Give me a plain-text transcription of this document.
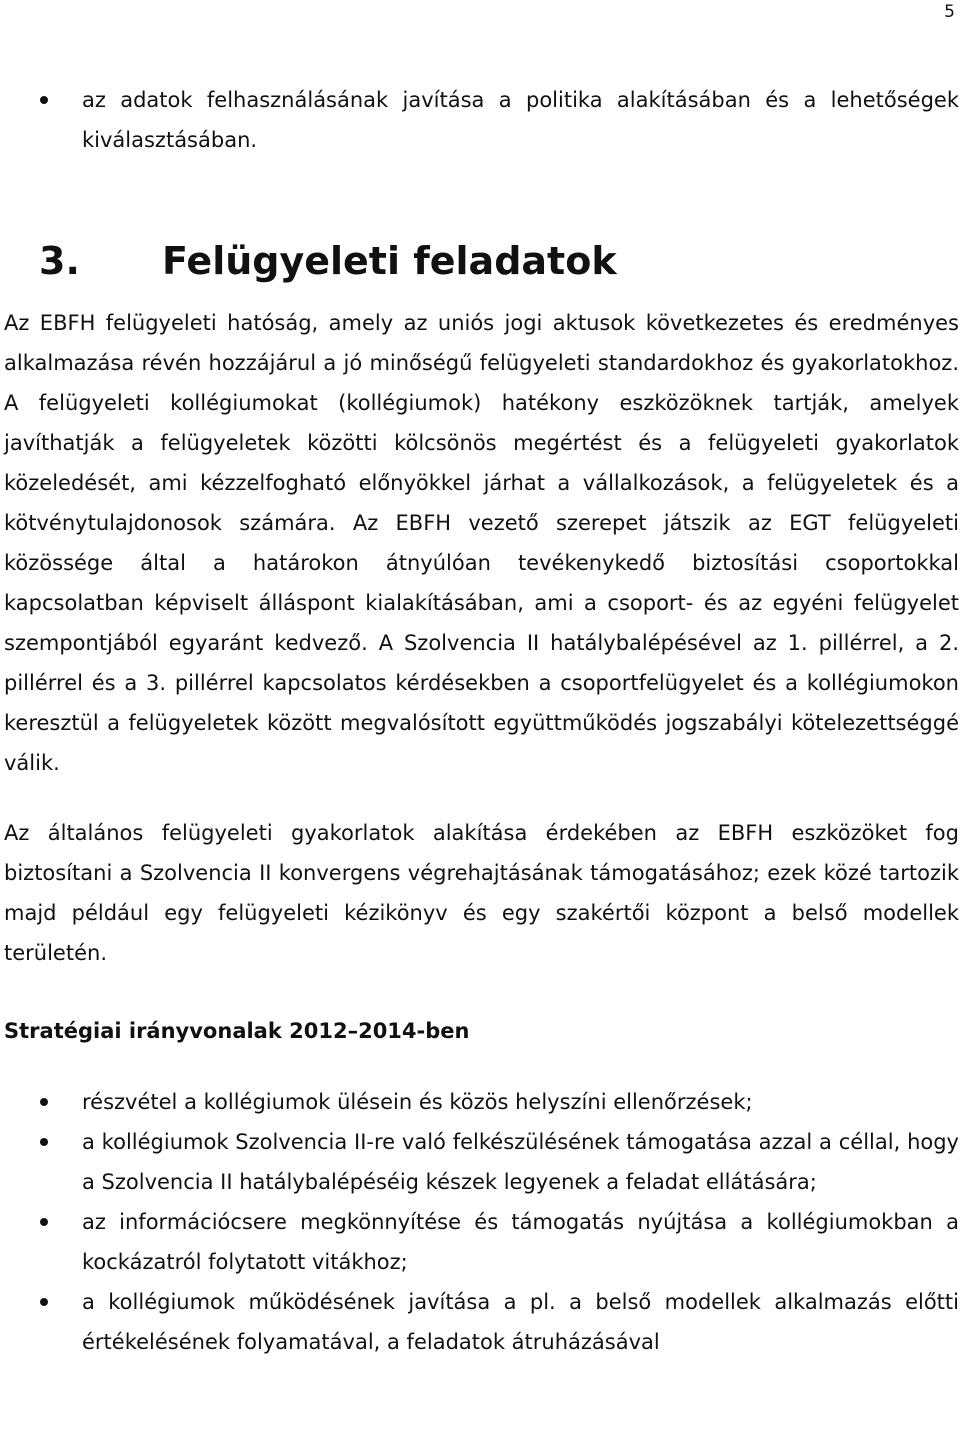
5
az adatok felhasználásának javítása a politika alakításában és a lehetőségek kiválasztásában.
3. Felügyeleti feladatok

Az EBFH felügyeleti hatóság, amely az uniós jogi aktusok következetes és eredményes alkalmazása révén hozzájárul a jó minőségű felügyeleti standardokhoz és gyakorlatokhoz. A felügyeleti kollégiumokat (kollégiumok) hatékony eszközöknek tartják, amelyek javíthatják a felügyeletek közötti kölcsönös megértést és a felügyeleti gyakorlatok közeledését, ami kézzelfogható előnyökkel járhat a vállalkozások, a felügyeletek és a kötvénytulajdonosok számára. Az EBFH vezető szerepet játszik az EGT felügyeleti közössége által a határokon átnyúlóan tevékenykedő biztosítási csoportokkal kapcsolatban képviselt álláspont kialakításában, ami a csoport- és az egyéni felügyelet szempontjából egyaránt kedvező. A Szolvencia II hatálybalépésével az 1. pillérrel, a 2. pillérrel és a 3. pillérrel kapcsolatos kérdésekben a csoportfelügyelet és a kollégiumokon keresztül a felügyeletek között megvalósított együttműködés jogszabályi kötelezettséggé válik.

Az általános felügyeleti gyakorlatok alakítása érdekében az EBFH eszközöket fog biztosítani a Szolvencia II konvergens végrehajtásának támogatásához; ezek közé tartozik majd például egy felügyeleti kézikönyv és egy szakértői központ a belső modellek területén.

Stratégiai irányvonalak 2012–2014-ben
részvétel a kollégiumok ülésein és közös helyszíni ellenőrzések;
a kollégiumok Szolvencia II-re való felkészülésének támogatása azzal a céllal, hogy a Szolvencia II hatálybalépéséig készek legyenek a feladat ellátására;
az információcsere megkönnyítése és támogatás nyújtása a kollégiumokban a kockázatról folytatott vitákhoz;
a kollégiumok működésének javítása a pl. a belső modellek alkalmazás előtti értékelésének folyamatával, a feladatok átruházásával
